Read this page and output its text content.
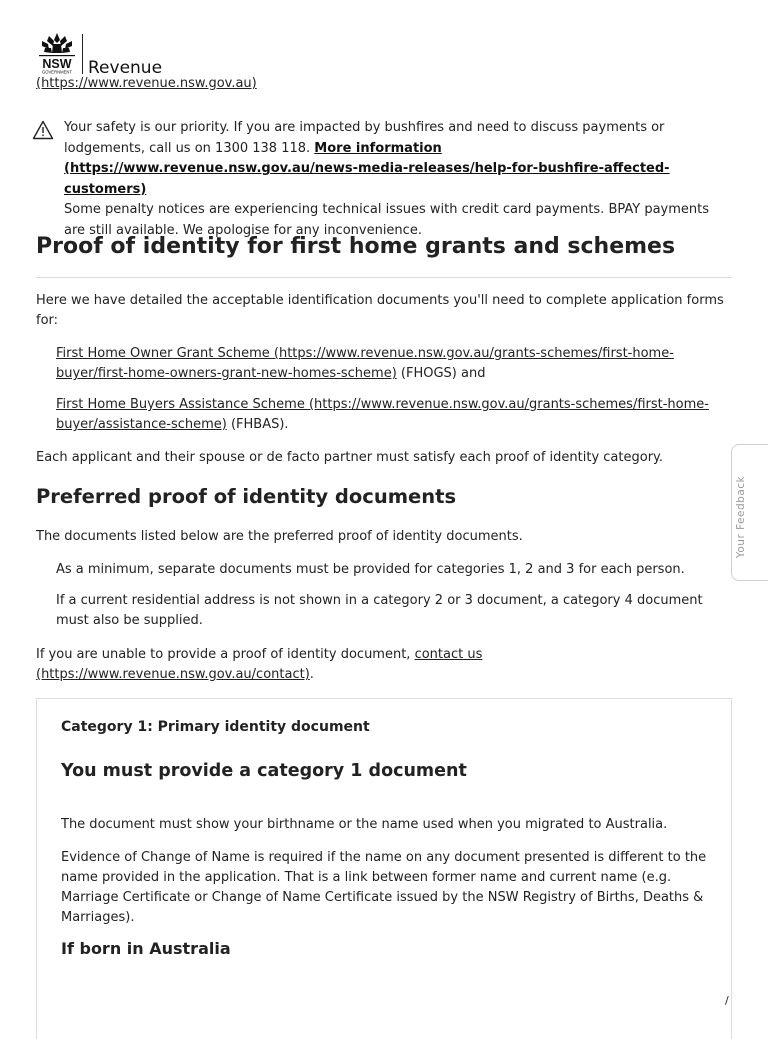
NSW
GOVERNMENT Revenue
(https://www.revenue.nsw.gov.au)
Your safety is our priority. If you are impacted by bushfires and need to discuss payments or lodgements, call us on 1300 138 118. More information (https://www.revenue.nsw.gov.au/news-media-releases/help-for-bushfire-affected-customers)
Some penalty notices are experiencing technical issues with credit card payments. BPAY payments are still available. We apologise for any inconvenience.
Proof of identity for first home grants and schemes
Here we have detailed the acceptable identification documents you'll need to complete application forms for:
First Home Owner Grant Scheme (https://www.revenue.nsw.gov.au/grants-schemes/first-home-buyer/first-home-owners-grant-new-homes-scheme) (FHOGS) and
First Home Buyers Assistance Scheme (https://www.revenue.nsw.gov.au/grants-schemes/first-home-buyer/assistance-scheme) (FHBAS).
Each applicant and their spouse or de facto partner must satisfy each proof of identity category.
Preferred proof of identity documents
The documents listed below are the preferred proof of identity documents.
As a minimum, separate documents must be provided for categories 1, 2 and 3 for each person.
If a current residential address is not shown in a category 2 or 3 document, a category 4 document must also be supplied.
If you are unable to provide a proof of identity document, contact us (https://www.revenue.nsw.gov.au/contact).
Category 1: Primary identity document
You must provide a category 1 document
The document must show your birthname or the name used when you migrated to Australia.
Evidence of Change of Name is required if the name on any document presented is different to the name provided in the application. That is a link between former name and current name (e.g. Marriage Certificate or Change of Name Certificate issued by the NSW Registry of Births, Deaths & Marriages).
If born in Australia
Your Feedback
/
